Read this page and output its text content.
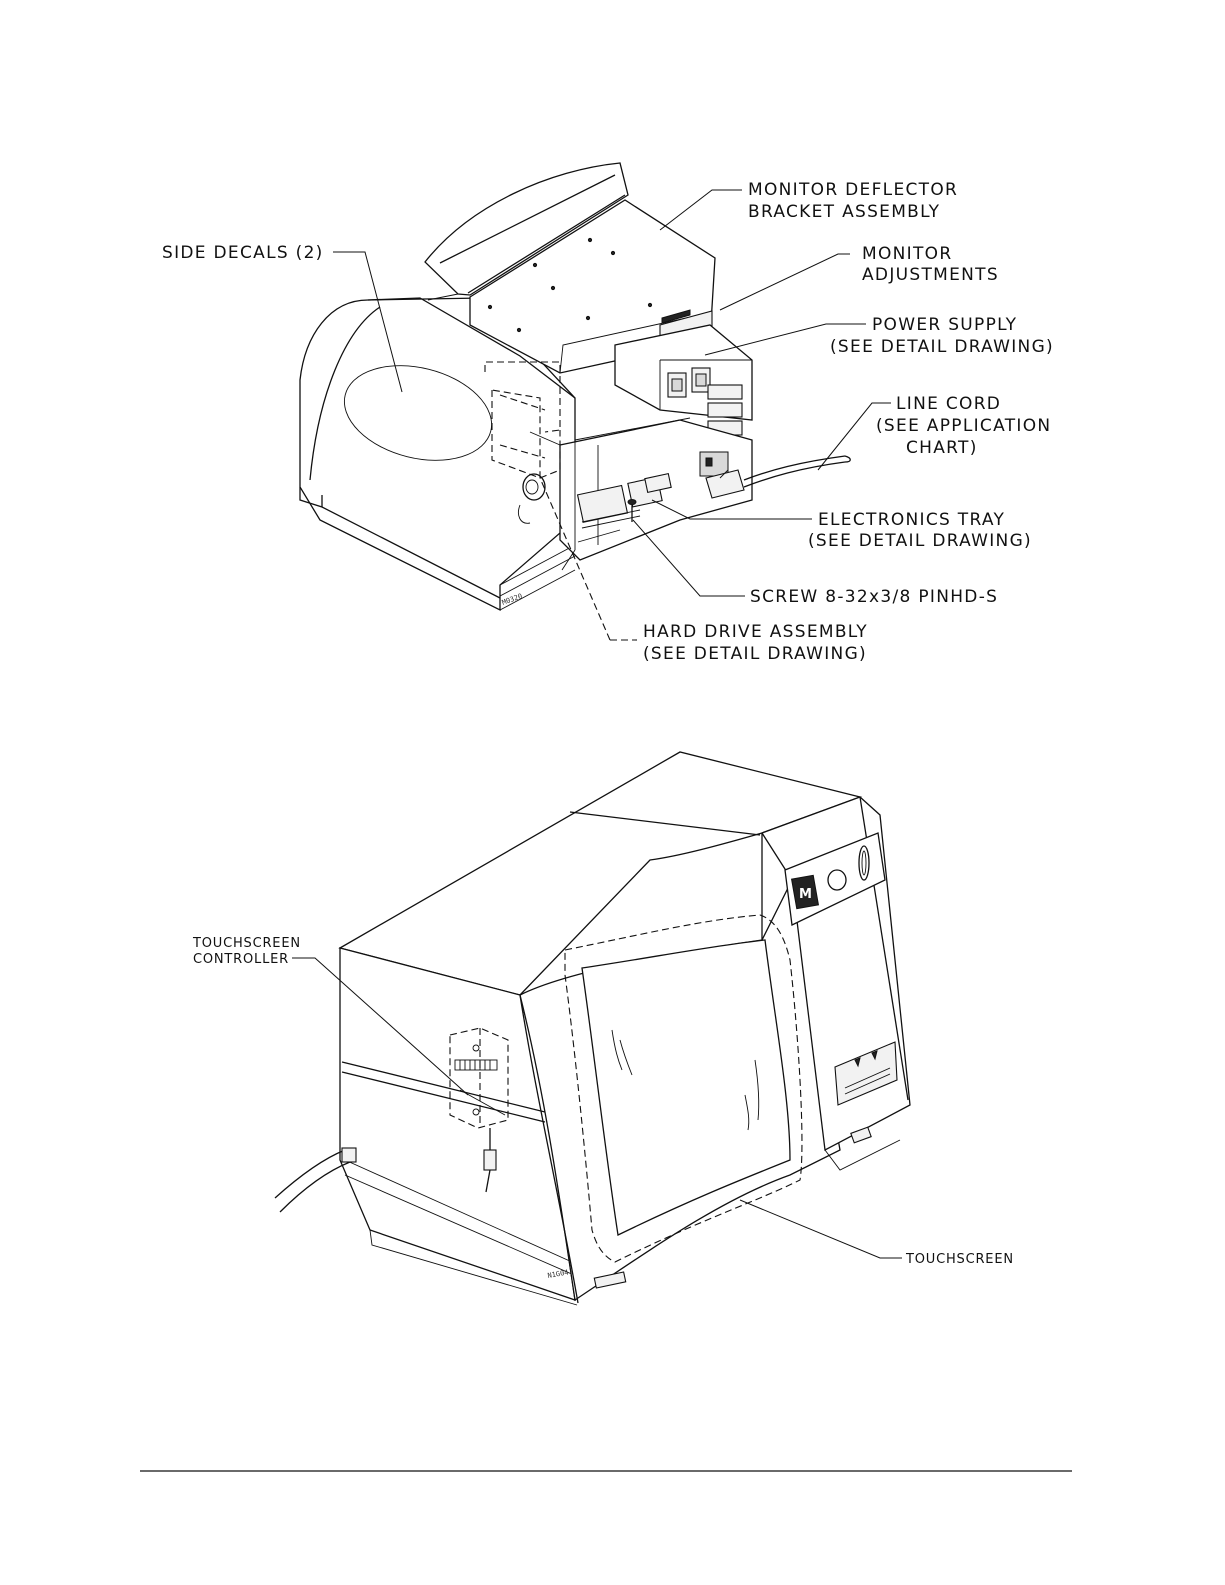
M0320
SIDE DECALS (2)
MONITOR DEFLECTOR
BRACKET ASSEMBLY
MONITOR
ADJUSTMENTS
POWER SUPPLY
(SEE DETAIL DRAWING)
LINE CORD
(SEE APPLICATION
CHART)
ELECTRONICS TRAY
(SEE DETAIL DRAWING)
SCREW 8-32x3/8 PINHD-S
HARD DRIVE ASSEMBLY
(SEE DETAIL DRAWING)
M
N1G04
TOUCHSCREEN
CONTROLLER
TOUCHSCREEN
